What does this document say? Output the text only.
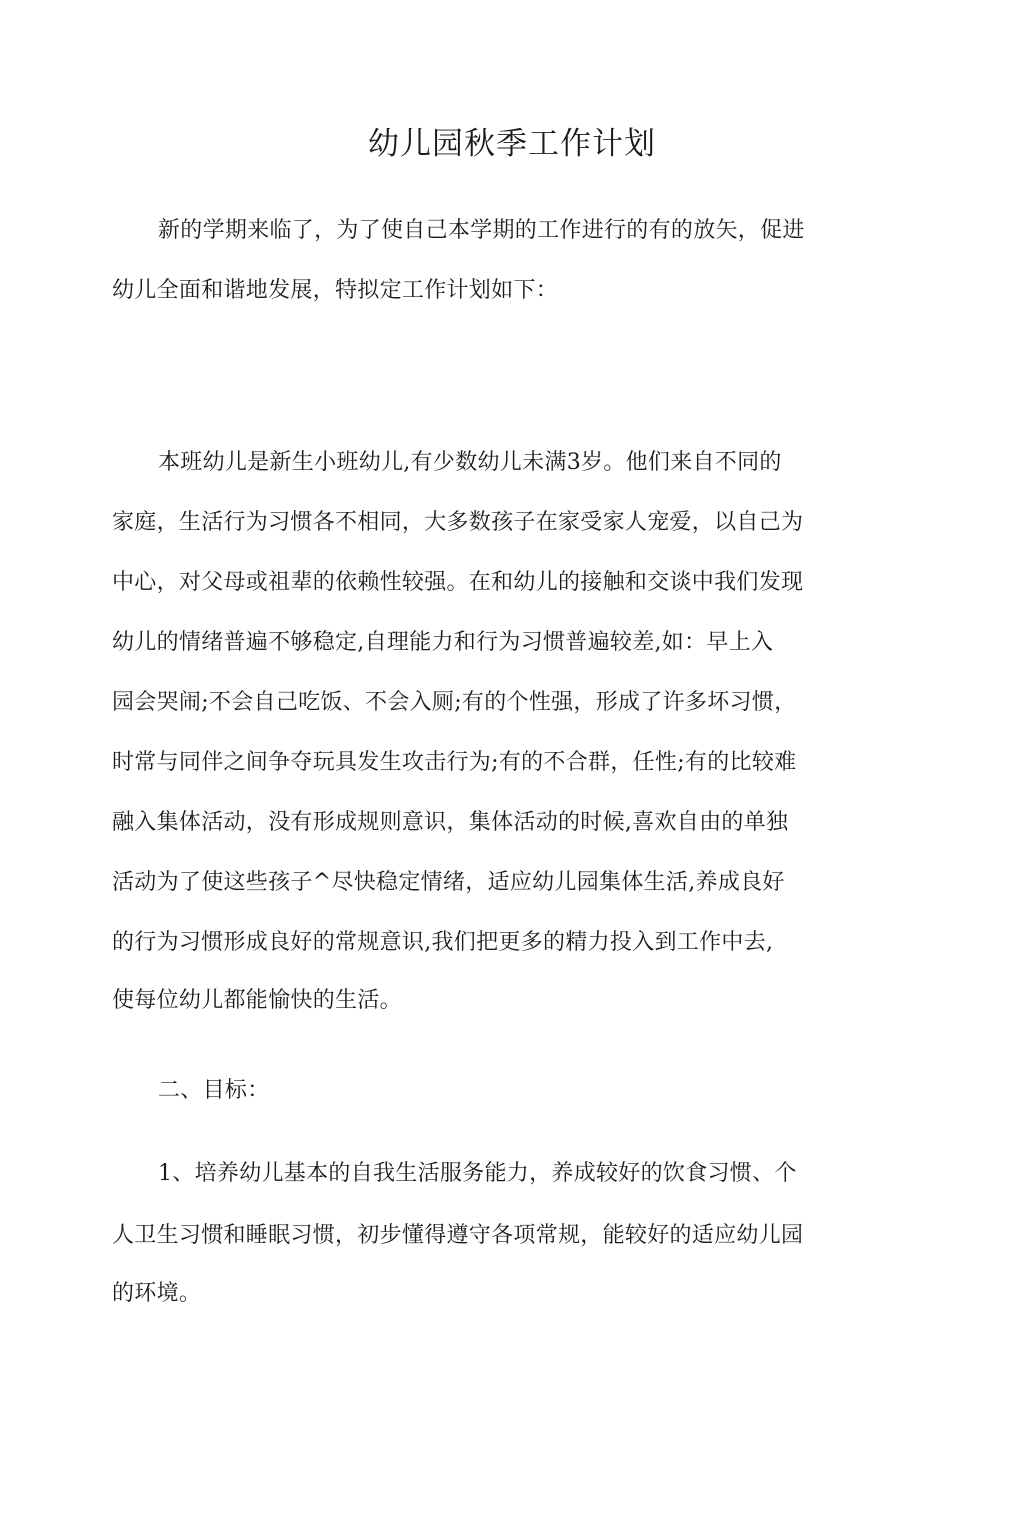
幼儿园秋季工作计划
新的学期来临了，为了使自己本学期的工作进行的有的放矢，促进
幼儿全面和谐地发展，特拟定工作计划如下：
本班幼儿是新生小班幼儿,有少数幼儿未满3岁。他们来自不同的
家庭，生活行为习惯各不相同，大多数孩子在家受家人宠爱，以自己为
中心，对父母或祖辈的依赖性较强。在和幼儿的接触和交谈中我们发现
幼儿的情绪普遍不够稳定,自理能力和行为习惯普遍较差,如：早上入
园会哭闹;不会自己吃饭、不会入厕;有的个性强，形成了许多坏习惯，
时常与同伴之间争夺玩具发生攻击行为;有的不合群，任性;有的比较难
融入集体活动，没有形成规则意识，集体活动的时候,喜欢自由的单独
活动为了使这些孩子^尽快稳定情绪，适应幼儿园集体生活,养成良好
的行为习惯形成良好的常规意识,我们把更多的精力投入到工作中去,
使每位幼儿都能愉快的生活。
二、目标：
1、培养幼儿基本的自我生活服务能力，养成较好的饮食习惯、个
人卫生习惯和睡眠习惯，初步懂得遵守各项常规，能较好的适应幼儿园
的环境。
